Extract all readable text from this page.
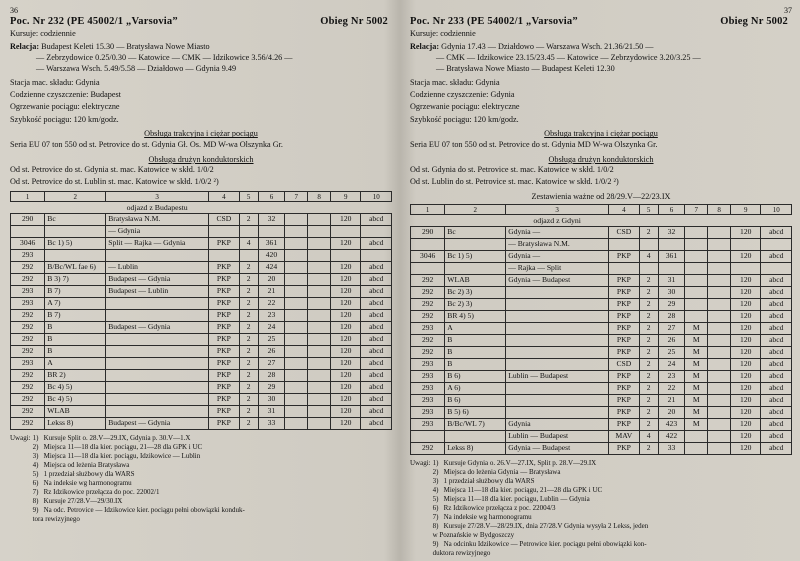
36
Poc. Nr 232 (PE 45002/1 „Varsovia”	Obieg Nr 5002
Kursuje: codziennie
Relacja: Budapest Keleti 15.30 — Bratysława Nowe Miasto
— Zebrzydowice 0.25/0.30 — Katowice — CMK — Idzikowice 3.56/4.26 —
— Warszawa Wsch. 5.49/5.58 — Działdowo — Gdynia 9.49
Stacja mac. składu: Gdynia
Codzienne czyszczenie: Budapest
Ogrzewanie pociągu: elektryczne
Szybkość pociągu: 120 km/godz.
Obsługa trakcyjna i ciężar pociągu
Seria EU 07 ton 550 od st. Petrovice do st. Gdynia Gł. Os. MD W-wa Olszynka Gr.
Obsługa drużyn konduktorskich
Od st. Petrovice do st. Gdynia st. mac. Katowice w skłd. 1/0/2
Od st. Petrovice do st. Lublin st. mac. Katowice w skłd. 1/0/2 ²)
1	2	3	4	5	6	7	8	9	10
		odjazd z Budapestu							
290	Bc	Bratysława N.M.	CSD	2	32			120	abcd
		— Gdynia							
3046	Bc 1) 5)	Split — Rajka — Gdynia	PKP	4	361			120	abcd
293					420				
292	B/Bc/WL fae 6)	— Lublin	PKP	2	424			120	abcd
292	B 3) 7)	Budapest — Gdynia	PKP	2	20			120	abcd
293	B 7)	Budapest — Lublin	PKP	2	21			120	abcd
293	A 7)		PKP	2	22			120	abcd
292	B 7)		PKP	2	23			120	abcd
292	B	Budapest — Gdynia	PKP	2	24			120	abcd
292	B		PKP	2	25			120	abcd
292	B		PKP	2	26			120	abcd
293	A		PKP	2	27			120	abcd
292	BR 2)		PKP	2	28			120	abcd
292	Bc 4) 5)		PKP	2	29			120	abcd
292	Bc 4) 5)		PKP	2	30			120	abcd
292	WLAB		PKP	2	31			120	abcd
292	Lekss 8)	Budapest — Gdynia	PKP	2	33			120	abcd
Uwagi: 1) Kursuje Split o. 28.V—29.IX, Gdynia p. 30.V—1.X
2) Miejsca 11—18 dla kier. pociągu, 21—28 dla GPK i UC
3) Miejsca 11—18 dla kier. pociągu, Idzikowice — Lublin
4) Miejsca od leżenia Bratysława
5) 1 przedział służbowy dla WARS
6) Na indeksie wg harmonogramu
7) Rz Idzikowice przełącza do poc. 22002/1
8) Kursuje 27/28.V—29/30.IX
9) Na odc. Petrovice — Idzikowice kier. pociągu pełni obowiązki konduk-
tora rewizyjnego
37
Poc. Nr 233 (PE 54002/1 „Varsovia”	Obieg Nr 5002
Kursuje: codziennie
Relacja: Gdynia 17.43 — Działdowo — Warszawa Wsch. 21.36/21.50 —
— CMK — Idzikowice 23.15/23.45 — Katowice — Zebrzydowice 3.20/3.25 —
— Bratysława Nowe Miasto — Budapest Keleti 12.30
Stacja mac. składu: Gdynia
Codzienne czyszczenie: Gdynia
Ogrzewanie pociągu: elektryczne
Szybkość pociągu: 120 km/godz.
Obsługa trakcyjna i ciężar pociągu
Seria EU 07 ton 550 od st. Petrovice do st. Gdynia MD W-wa Olszynka Gr.
Obsługa drużyn konduktorskich
Od st. Gdynia do st. Petrovice st. mac. Katowice w skłd. 1/0/2
Od st. Lublin do st. Petrovice st. mac. Katowice w skłd. 1/0/2 ²)
Zestawienia ważne od 28/29.V—22/23.IX
1	2	3	4	5	6	7	8	9	10
		odjazd z Gdyni							
290	Bc	Gdynia —	CSD	2	32			120	abcd
		— Bratysława N.M.							
3046	Bc 1) 5)	Gdynia —	PKP	4	361			120	abcd
		— Rajka — Split							
292	WLAB	Gdynia — Budapest	PKP	2	31			120	abcd
292	Bc 2) 3)		PKP	2	30			120	abcd
292	Bc 2) 3)		PKP	2	29			120	abcd
292	BR 4) 5)		PKP	2	28			120	abcd
293	A		PKP	2	27	M		120	abcd
292	B		PKP	2	26	M		120	abcd
292	B		PKP	2	25	M		120	abcd
293	B		CSD	2	24	M		120	abcd
293	B 6)	Lublin — Budapest	PKP	2	23	M		120	abcd
293	A 6)		PKP	2	22	M		120	abcd
293	B 6)		PKP	2	21	M		120	abcd
293	B 5) 6)		PKP	2	20	M		120	abcd
293	B/Bc/WL 7)	Gdynia	PKP	2	423	M		120	abcd
		Lublin — Budapest	MAV	4	422			120	abcd
292	Lekss 8)	Gdynia — Budapest	PKP	2	33			120	abcd
Uwagi: 1) Kursuje Gdynia o. 26.V—27.IX, Split p. 28.V—29.IX
2) Miejsca do leżenia Gdynia — Bratysława
3) 1 przedział służbowy dla WARS
4) Miejsca 11—18 dla kier. pociągu, 21—28 dla GPK i UC
5) Miejsca 11—18 dla kier. pociągu, Lublin — Gdynia
6) Rz Idzikowice przełącza z poc. 22004/3
7) Na indeksie wg harmonogramu
8) Kursuje 27/28.V—28/29.IX, dnia 27/28.V Gdynia wysyła 2 Lekss, jeden
w Poznańskie w Bydgoszczy
9) Na odcinku Idzikowice — Petrowice kier. pociągu pełni obowiązki kon-
duktora rewizyjnego
